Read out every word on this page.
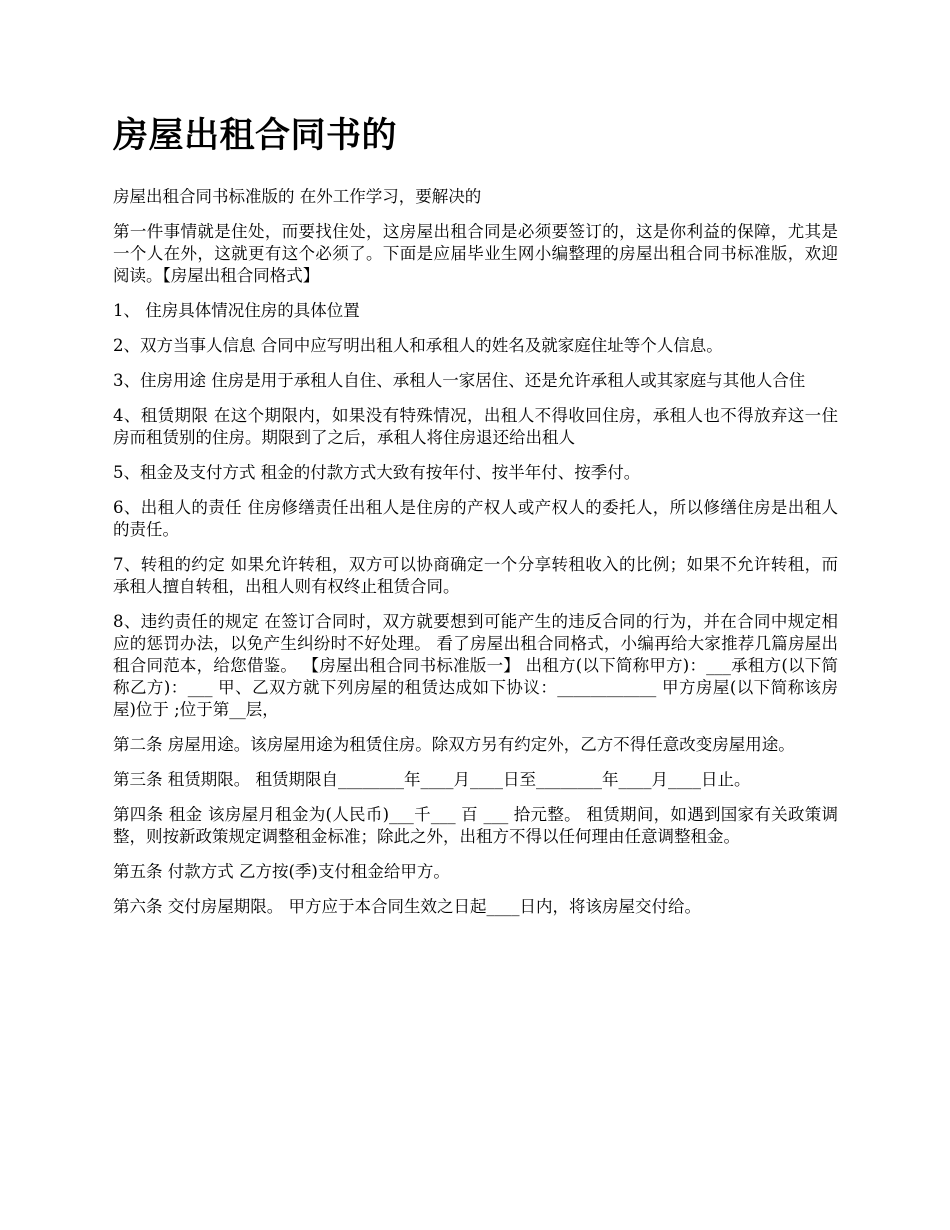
房屋出租合同书的

房屋出租合同书标准版的 在外工作学习，要解决的

第一件事情就是住处，而要找住处，这房屋出租合同是必须要签订的，这是你利益的保障，尤其是一个人在外，这就更有这个必须了。下面是应届毕业生网小编整理的房屋出租合同书标准版，欢迎阅读。【房屋出租合同格式】

1、 住房具体情况住房的具体位置

2、双方当事人信息 合同中应写明出租人和承租人的姓名及就家庭住址等个人信息。

3、住房用途 住房是用于承租人自住、承租人一家居住、还是允许承租人或其家庭与其他人合住

4、租赁期限 在这个期限内，如果没有特殊情况，出租人不得收回住房，承租人也不得放弃这一住房而租赁别的住房。期限到了之后，承租人将住房退还给出租人

5、租金及支付方式 租金的付款方式大致有按年付、按半年付、按季付。

6、出租人的责任 住房修缮责任出租人是住房的产权人或产权人的委托人，所以修缮住房是出租人的责任。

7、转租的约定 如果允许转租，双方可以协商确定一个分享转租收入的比例；如果不允许转租，而承租人擅自转租，出租人则有权终止租赁合同。

8、违约责任的规定 在签订合同时，双方就要想到可能产生的违反合同的行为，并在合同中规定相应的惩罚办法，以免产生纠纷时不好处理。 看了房屋出租合同格式，小编再给大家推荐几篇房屋出租合同范本，给您借鉴。 【房屋出租合同书标准版一】 出租方(以下简称甲方)：___承租方(以下简称乙方)：___ 甲、乙双方就下列房屋的租赁达成如下协议：____________ 甲方房屋(以下简称该房屋)位于 ;位于第__层，

第二条 房屋用途。该房屋用途为租赁住房。除双方另有约定外，乙方不得任意改变房屋用途。

第三条 租赁期限。 租赁期限自________年____月____日至________年____月____日止。

第四条 租金 该房屋月租金为(人民币)___千___ 百 ___ 拾元整。 租赁期间，如遇到国家有关政策调整，则按新政策规定调整租金标准；除此之外，出租方不得以任何理由任意调整租金。

第五条 付款方式 乙方按(季)支付租金给甲方。

第六条 交付房屋期限。 甲方应于本合同生效之日起____日内，将该房屋交付给。
